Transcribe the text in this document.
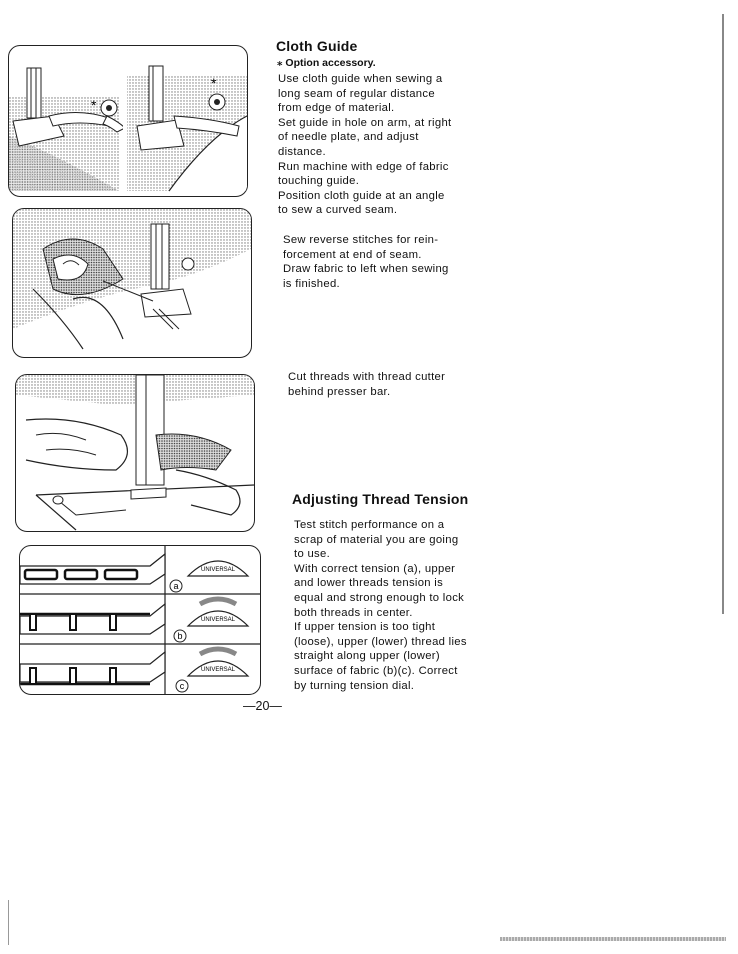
*
*
UNIVERSAL
UNIVERSAL
UNIVERSAL
a
b
c
Cloth Guide
⁎ Option accessory.
Use cloth guide when sewing a
long seam of regular distance
from edge of material.
Set guide in hole on arm, at right
of needle plate, and adjust
distance.
Run machine with edge of fabric
touching guide.
Position cloth guide at an angle
to sew a curved seam.
Sew reverse stitches for rein-
forcement at end of seam.
Draw fabric to left when sewing
is finished.
Cut threads with thread cutter
behind presser bar.
Adjusting Thread Tension
Test stitch performance on a
scrap of material you are going
to use.
With correct tension (a), upper
and lower threads tension is
equal and strong enough to lock
both threads in center.
If upper tension is too tight
(loose), upper (lower) thread lies
straight along upper (lower)
surface of fabric (b)(c). Correct
by turning tension dial.
—20—
